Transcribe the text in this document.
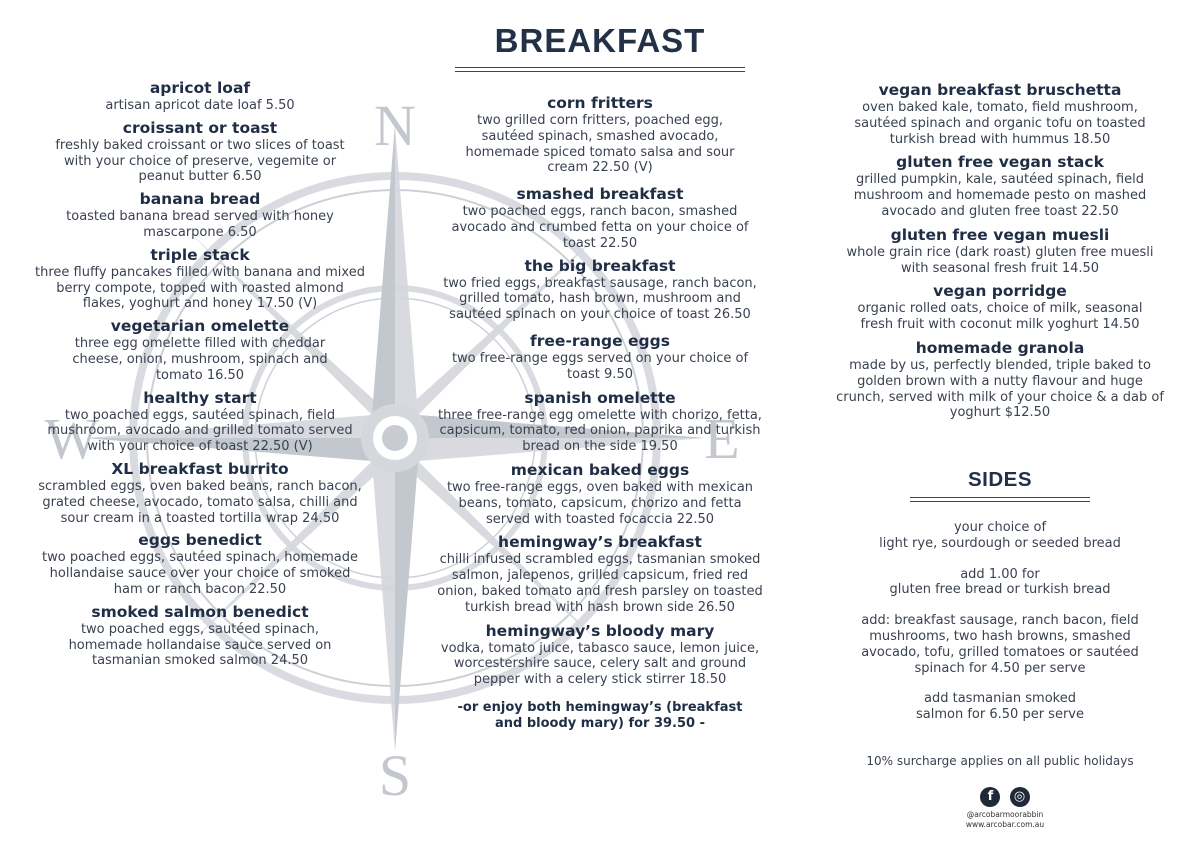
N
S
W	E
BREAKFAST

apricot loaf

artisan apricot date loaf 5.50

croissant or toast

freshly baked croissant or two slices of toast with your choice of preserve, vegemite or peanut butter 6.50

banana bread

toasted banana bread served with honey mascarpone 6.50

triple stack

three fluffy pancakes filled with banana and mixed berry compote, topped with roasted almond flakes, yoghurt and honey 17.50 (V)

vegetarian omelette

three egg omelette filled with cheddar cheese, onion, mushroom, spinach and tomato 16.50

healthy start

two poached eggs, sautéed spinach, field mushroom, avocado and grilled tomato served with your choice of toast 22.50 (V)

XL breakfast burrito

scrambled eggs, oven baked beans, ranch bacon, grated cheese, avocado, tomato salsa, chilli and sour cream in a toasted tortilla wrap 24.50

eggs benedict

two poached eggs, sautéed spinach, homemade hollandaise sauce over your choice of smoked ham or ranch bacon 22.50

smoked salmon benedict

two poached eggs, sautéed spinach, homemade hollandaise sauce served on tasmanian smoked salmon 24.50

corn fritters

two grilled corn fritters, poached egg, sautéed spinach, smashed avocado, homemade spiced tomato salsa and sour cream 22.50 (V)

smashed breakfast

two poached eggs, ranch bacon, smashed avocado and crumbed fetta on your choice of toast 22.50

the big breakfast

two fried eggs, breakfast sausage, ranch bacon, grilled tomato, hash brown, mushroom and sautéed spinach on your choice of toast 26.50

free-range eggs

two free-range eggs served on your choice of toast 9.50

spanish omelette

three free-range egg omelette with chorizo, fetta, capsicum, tomato, red onion, paprika and turkish bread on the side 19.50

mexican baked eggs

two free-range eggs, oven baked with mexican beans, tomato, capsicum, chorizo and fetta served with toasted focaccia 22.50

hemingway’s breakfast

chilli infused scrambled eggs, tasmanian smoked salmon, jalepenos, grilled capsicum, fried red onion, baked tomato and fresh parsley on toasted turkish bread with hash brown side 26.50

hemingway’s bloody mary

vodka, tomato juice, tabasco sauce, lemon juice, worcestershire sauce, celery salt and ground pepper with a celery stick stirrer 18.50

-or enjoy both hemingway’s (breakfast and bloody mary) for 39.50 -

vegan breakfast bruschetta

oven baked kale, tomato, field mushroom, sautéed spinach and organic tofu on toasted turkish bread with hummus 18.50

gluten free vegan stack

grilled pumpkin, kale, sautéed spinach, field mushroom and homemade pesto on mashed avocado and gluten free toast 22.50

gluten free vegan muesli

whole grain rice (dark roast) gluten free muesli with seasonal fresh fruit 14.50

vegan porridge

organic rolled oats, choice of milk, seasonal fresh fruit with coconut milk yoghurt 14.50

homemade granola

made by us, perfectly blended, triple baked to golden brown with a nutty flavour and huge crunch, served with milk of your choice & a dab of yoghurt $12.50

SIDES

your choice of

light rye, sourdough or seeded bread

add 1.00 for

gluten free bread or turkish bread

add: breakfast sausage, ranch bacon, field mushrooms, two hash browns, smashed avocado, tofu, grilled tomatoes or sautéed spinach for 4.50 per serve

add tasmanian smoked salmon for 6.50 per serve

10% surcharge applies on all public holidays

f ◎
@arcobarmoorabbin
www.arcobar.com.au
